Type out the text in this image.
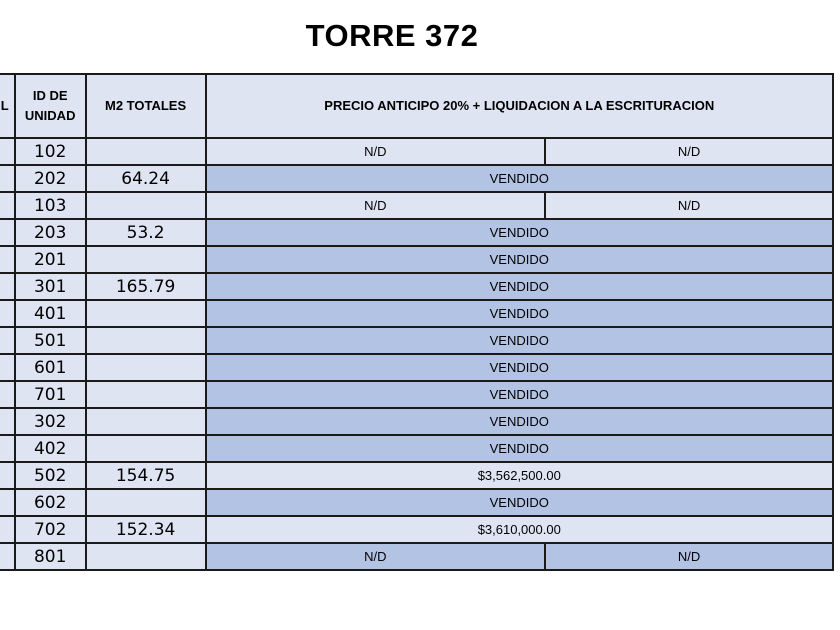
TORRE 372
L	ID DE UNIDAD	M2 TOTALES	PRECIO ANTICIPO 20% + LIQUIDACION A LA ESCRITURACION	
	102		N/D	N/D
	202	64.24	VENDIDO	
	103		N/D	N/D
	203	53.2	VENDIDO	
	201		VENDIDO	
	301	165.79	VENDIDO	
	401		VENDIDO	
	501		VENDIDO	
	601		VENDIDO	
	701		VENDIDO	
	302		VENDIDO	
	402		VENDIDO	
	502	154.75	$3,562,500.00	
	602		VENDIDO	
	702	152.34	$3,610,000.00	
	801		N/D	N/D
